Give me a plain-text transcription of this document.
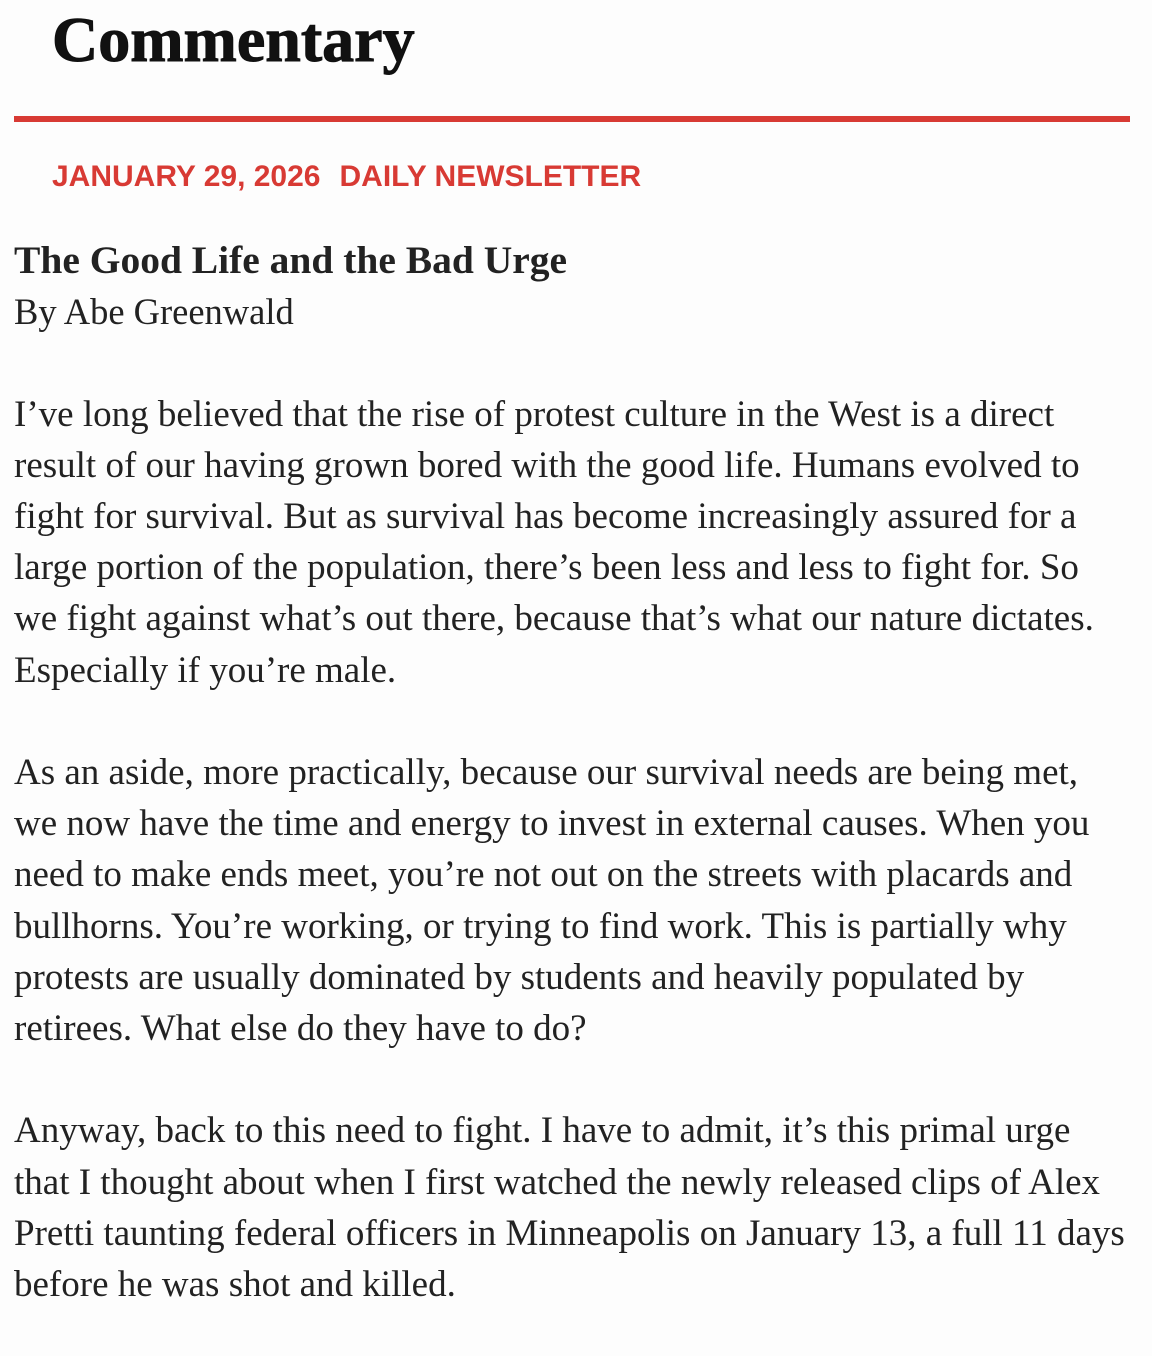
Commentary
JANUARY 29, 2026 DAILY NEWSLETTER
The Good Life and the Bad Urge
By Abe Greenwald
I’ve long believed that the rise of protest culture in the West is a direct
result of our having grown bored with the good life. Humans evolved to
fight for survival. But as survival has become increasingly assured for a
large portion of the population, there’s been less and less to fight for. So
we fight against what’s out there, because that’s what our nature dictates.
Especially if you’re male.
As an aside, more practically, because our survival needs are being met,
we now have the time and energy to invest in external causes. When you
need to make ends meet, you’re not out on the streets with placards and
bullhorns. You’re working, or trying to find work. This is partially why
protests are usually dominated by students and heavily populated by
retirees. What else do they have to do?
Anyway, back to this need to fight. I have to admit, it’s this primal urge
that I thought about when I first watched the newly released clips of Alex
Pretti taunting federal officers in Minneapolis on January 13, a full 11 days
before he was shot and killed.
